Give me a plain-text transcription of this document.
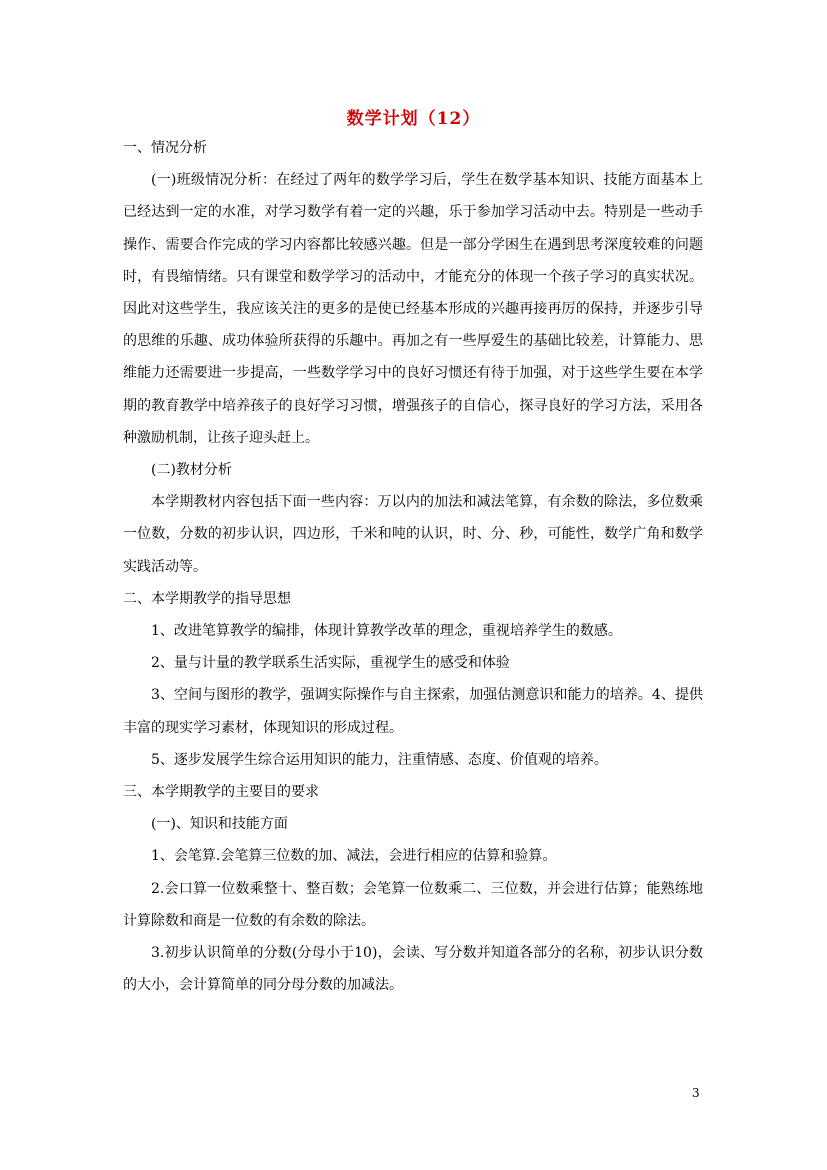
数学计划（12）

一、情况分析

(一)班级情况分析：在经过了两年的数学学习后，学生在数学基本知识、技能方面基本上已经达到一定的水准，对学习数学有着一定的兴趣，乐于参加学习活动中去。特别是一些动手操作、需要合作完成的学习内容都比较感兴趣。但是一部分学困生在遇到思考深度较难的问题时，有畏缩情绪。只有课堂和数学学习的活动中，才能充分的体现一个孩子学习的真实状况。因此对这些学生，我应该关注的更多的是使已经基本形成的兴趣再接再厉的保持，并逐步引导的思维的乐趣、成功体验所获得的乐趣中。再加之有一些厚爱生的基础比较差，计算能力、思维能力还需要进一步提高，一些数学学习中的良好习惯还有待于加强，对于这些学生要在本学期的教育教学中培养孩子的良好学习习惯，增强孩子的自信心，探寻良好的学习方法，采用各种激励机制，让孩子迎头赶上。

(二)教材分析

本学期教材内容包括下面一些内容：万以内的加法和减法笔算，有余数的除法，多位数乘一位数，分数的初步认识，四边形，千米和吨的认识，时、分、秒，可能性，数学广角和数学实践活动等。

二、本学期教学的指导思想

1、改进笔算教学的编排，体现计算教学改革的理念，重视培养学生的数感。

2、量与计量的教学联系生活实际，重视学生的感受和体验

3、空间与图形的教学，强调实际操作与自主探索，加强估测意识和能力的培养。4、提供丰富的现实学习素材，体现知识的形成过程。

5、逐步发展学生综合运用知识的能力，注重情感、态度、价值观的培养。

三、本学期教学的主要目的要求

(一)、知识和技能方面

1、会笔算.会笔算三位数的加、减法，会进行相应的估算和验算。

2.会口算一位数乘整十、整百数；会笔算一位数乘二、三位数，并会进行估算；能熟练地计算除数和商是一位数的有余数的除法。

3.初步认识简单的分数(分母小于10)，会读、写分数并知道各部分的名称，初步认识分数的大小，会计算简单的同分母分数的加减法。

3
